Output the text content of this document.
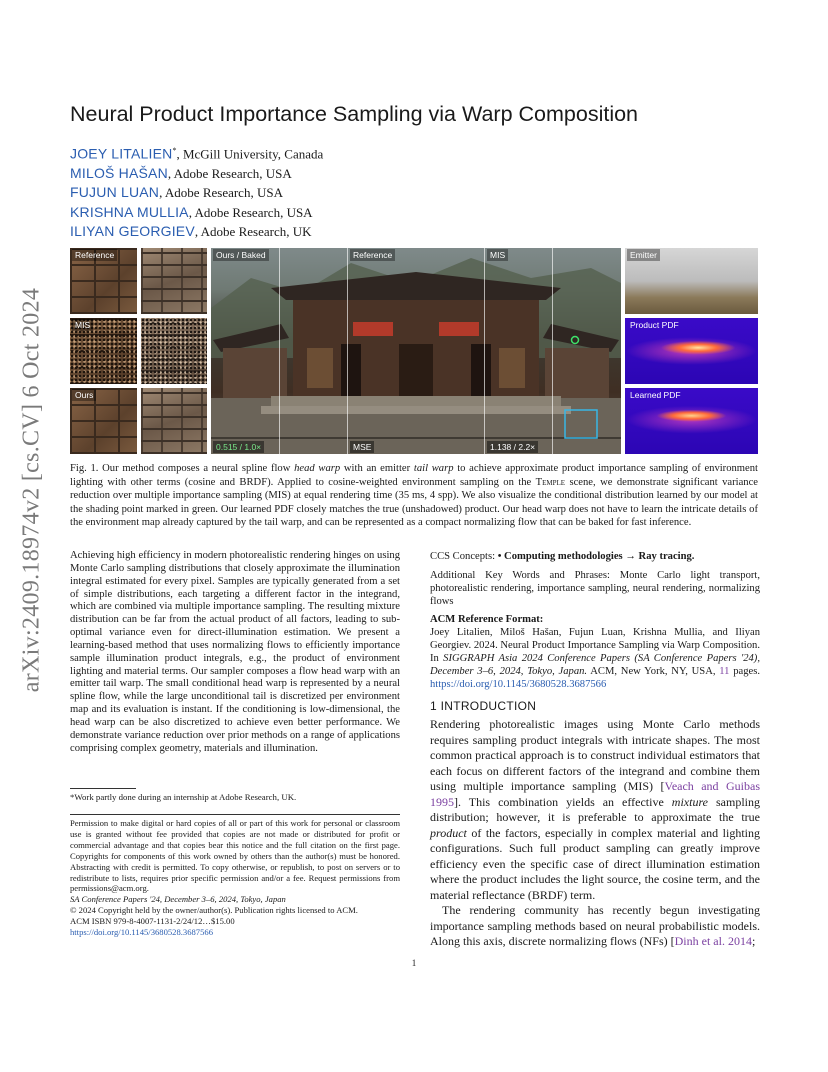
arXiv:2409.18974v2 [cs.CV] 6 Oct 2024
Neural Product Importance Sampling via Warp Composition
JOEY LITALIEN*, McGill University, Canada
MILOŠ HAŠAN, Adobe Research, USA
FUJUN LUAN, Adobe Research, USA
KRISHNA MULLIA, Adobe Research, USA
ILIYAN GEORGIEV, Adobe Research, UK
Reference
MIS
Ours
Ours / Baked	Reference	MIS
0.515 / 1.0×	MSE	1.138 / 2.2×
Emitter
Product PDF
Learned PDF
Fig. 1. Our method composes a neural spline flow head warp with an emitter tail warp to achieve approximate product importance sampling of environment lighting with other terms (cosine and BRDF). Applied to cosine-weighted environment sampling on the Temple scene, we demonstrate significant variance reduction over multiple importance sampling (MIS) at equal rendering time (35 ms, 4 spp). We also visualize the conditional distribution learned by our model at the shading point marked in green. Our learned PDF closely matches the true (unshadowed) product. Our head warp does not have to learn the intricate details of the environment map already captured by the tail warp, and can be represented as a compact normalizing flow that can be baked for fast inference.

Achieving high efficiency in modern photorealistic rendering hinges on using Monte Carlo sampling distributions that closely approximate the illumination integral estimated for every pixel. Samples are typically generated from a set of simple distributions, each targeting a different factor in the integrand, which are combined via multiple importance sampling. The resulting mixture distribution can be far from the actual product of all factors, leading to sub-optimal variance even for direct-illumination estimation. We present a learning-based method that uses normalizing flows to efficiently importance sample illumination product integrals, e.g., the product of environment lighting and material terms. Our sampler composes a flow head warp with an emitter tail warp. The small conditional head warp is represented by a neural spline flow, while the large unconditional tail is discretized per environment map and its evaluation is instant. If the conditioning is low-dimensional, the head warp can be also discretized to achieve even better performance. We demonstrate variance reduction over prior methods on a range of applications comprising complex geometry, materials and illumination.

*Work partly done during an internship at Adobe Research, UK.

Permission to make digital or hard copies of all or part of this work for personal or classroom use is granted without fee provided that copies are not made or distributed for profit or commercial advantage and that copies bear this notice and the full citation on the first page. Copyrights for components of this work owned by others than the author(s) must be honored. Abstracting with credit is permitted. To copy otherwise, or republish, to post on servers or to redistribute to lists, requires prior specific permission and/or a fee. Request permissions from permissions@acm.org.

SA Conference Papers '24, December 3–6, 2024, Tokyo, Japan

© 2024 Copyright held by the owner/author(s). Publication rights licensed to ACM.

ACM ISBN 979-8-4007-1131-2/24/12…$15.00

https://doi.org/10.1145/3680528.3687566

CCS Concepts: • Computing methodologies → Ray tracing.

Additional Key Words and Phrases: Monte Carlo light transport, photorealistic rendering, importance sampling, neural rendering, normalizing flows

ACM Reference Format:

Joey Litalien, Miloš Hašan, Fujun Luan, Krishna Mullia, and Iliyan Georgiev. 2024. Neural Product Importance Sampling via Warp Composition. In SIGGRAPH Asia 2024 Conference Papers (SA Conference Papers '24), December 3–6, 2024, Tokyo, Japan. ACM, New York, NY, USA, 11 pages. https://doi.org/10.1145/3680528.3687566

1 INTRODUCTION

Rendering photorealistic images using Monte Carlo methods requires sampling product integrals with intricate shapes. The most common practical approach is to construct individual estimators that each focus on different factors of the integrand and combine them using multiple importance sampling (MIS) [Veach and Guibas 1995]. This combination yields an effective mixture sampling distribution; however, it is preferable to approximate the true product of the factors, especially in complex material and lighting configurations. Such full product sampling can greatly improve efficiency even the specific case of direct illumination estimation where the product includes the light source, the cosine term, and the material reflectance (BRDF) term.

The rendering community has recently begun investigating importance sampling methods based on neural probabilistic models. Along this axis, discrete normalizing flows (NFs) [Dinh et al. 2014;

1
